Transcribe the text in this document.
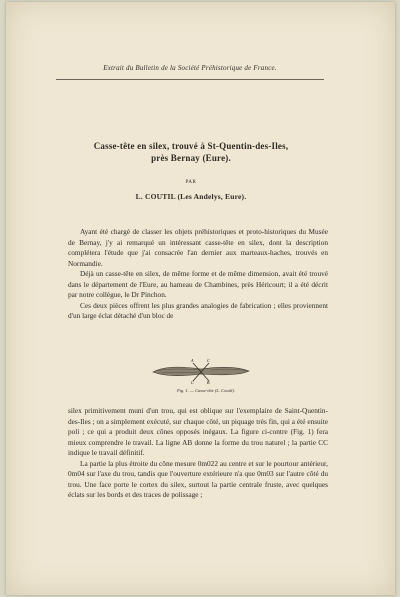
Extrait du Bulletin de la Société Préhistorique de France.
Casse-tête en silex, trouvé à St-Quentin-des-Iles,
près Bernay (Eure).
PAR
L. COUTIL (Les Andelys, Eure).

Ayant été chargé de classer les objets préhistoriques et proto-historiques du Musée de Bernay, j'y ai remarqué un intéressant casse-tête en silex, dont la description complétera l'étude que j'ai consacrée l'an dernier aux marteaux-haches, trouvés en Normandie.

Déjà un casse-tête en silex, de même forme et de même dimension, avait été trouvé dans le département de l'Eure, au hameau de Chambines, près Héricourt; il a été décrit par notre collègue, le Dr Pinchon.

Ces deux pièces offrent les plus grandes analogies de fabrication ; elles proviennent d'un large éclat détaché d'un bloc de

A	C
C	B
Fig. 1. — Casse-tête (L. Coutil).

silex primitivement muni d'un trou, qui est oblique sur l'exemplaire de Saint-Quentin-des-Iles ; on a simplement exécuté, sur chaque côté, un piquage très fin, qui a été ensuite poli ; ce qui a produit deux cônes opposés inégaux. La figure ci-contre (Fig. 1) fera mieux comprendre le travail. La ligne AB donne la forme du trou naturel ; la partie CC indique le travail définitif.

La partie la plus étroite du cône mesure 0m022 au centre et sur le pourtour antérieur, 0m04 sur l'axe du trou, tandis que l'ouverture extérieure n'a que 0m03 sur l'autre côté du trou. Une face porte le cortex du silex, surtout la partie centrale fruste, avec quelques éclats sur les bords et des traces de polissage ;
